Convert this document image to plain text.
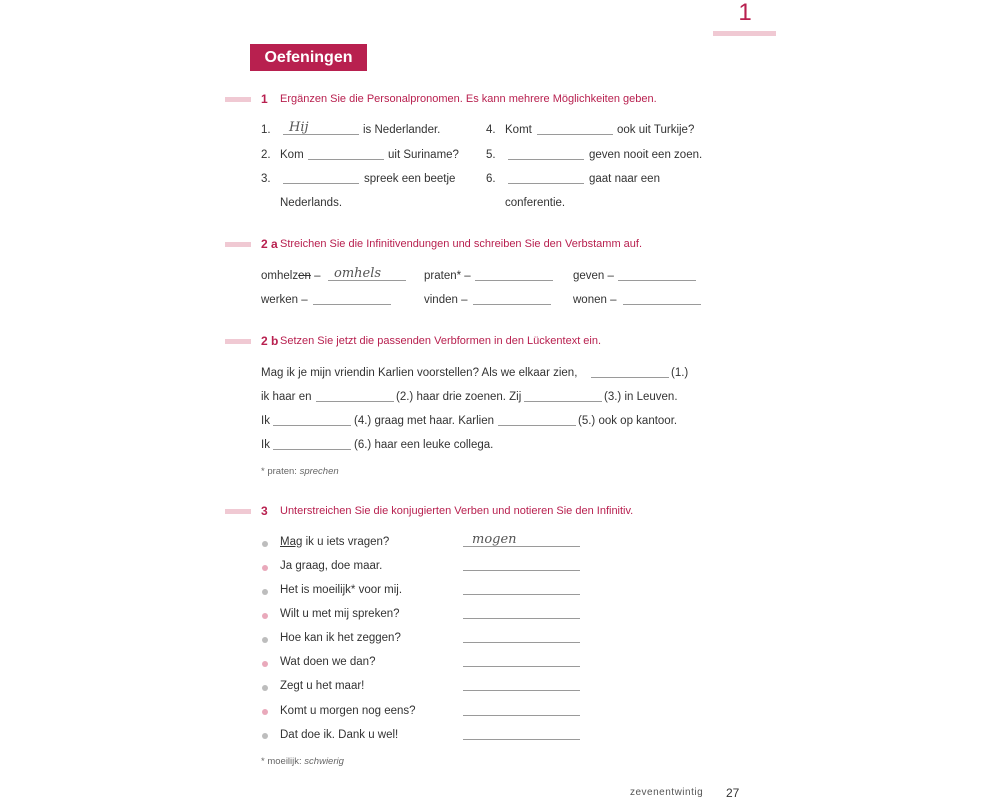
1
Oefeningen
1 Ergänzen Sie die Personalpronomen. Es kann mehrere Möglichkeiten geben.
1. Hij	is Nederlander.
2. Kom	uit Suriname?
3.	spreek een beetje
Nederlands.
4. Komt	ook uit Turkije?
5.	geven nooit een zoen.
6.	gaat naar een
conferentie.
2 a Streichen Sie die Infinitivendungen und schreiben Sie den Verbstamm auf.
omhelzen – omhels	praten* –	geven –
werken –	vinden –	wonen –
2 b Setzen Sie jetzt die passenden Verbformen in den Lückentext ein.
Mag ik je mijn vriendin Karlien voorstellen? Als we elkaar zien,	(1.)
ik haar en	(2.) haar drie zoenen. Zij	(3.) in Leuven.
Ik	(4.) graag met haar. Karlien	(5.) ook op kantoor.
Ik	(6.) haar een leuke collega.
* praten: sprechen
3 Unterstreichen Sie die konjugierten Verben und notieren Sie den Infinitiv.
Mag ik u iets vragen?	mogen
Ja graag, doe maar.
Het is moeilijk* voor mij.
Wilt u met mij spreken?
Hoe kan ik het zeggen?
Wat doen we dan?
Zegt u het maar!
Komt u morgen nog eens?
Dat doe ik. Dank u wel!
* moeilijk: schwierig
zevenentwintig 27
